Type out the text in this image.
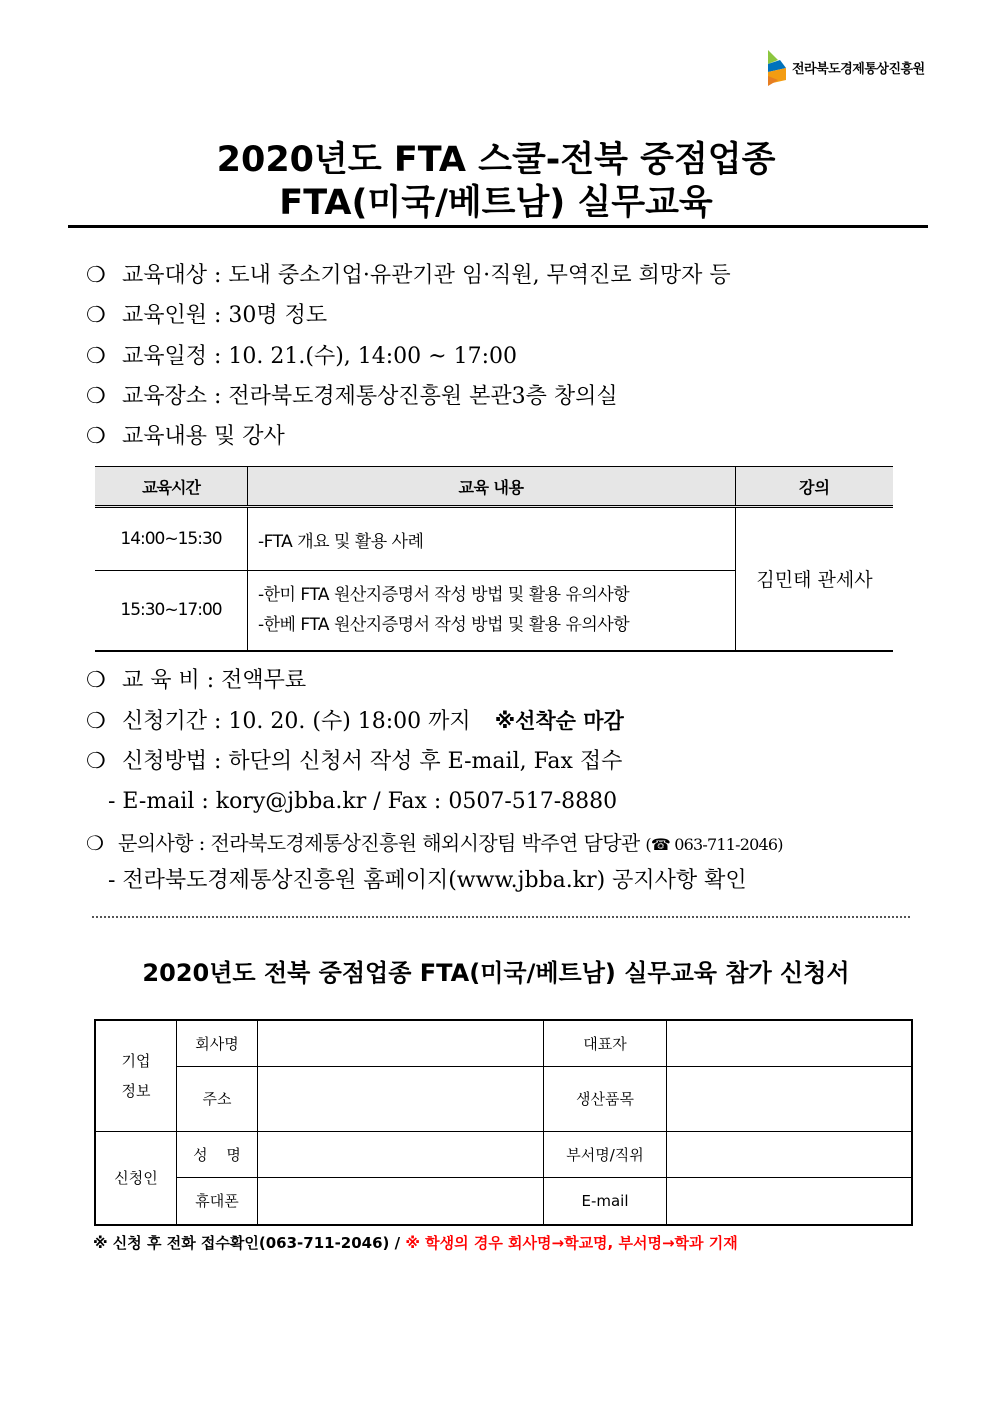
전라북도경제통상진흥원
2020년도 FTA 스쿨-전북 중점업종
FTA(미국/베트남) 실무교육
❍ 교육대상 : 도내 중소기업·유관기관 임·직원, 무역진로 희망자 등
❍ 교육인원 : 30명 정도
❍ 교육일정 : 10. 21.(수), 14:00 ~ 17:00
❍ 교육장소 : 전라북도경제통상진흥원 본관3층 창의실
❍ 교육내용 및 강사
교육시간	교육 내용	강의
14:00~15:30	-FTA 개요 및 활용 사례	김민태 관세사
15:30~17:00	-한미 FTA 원산지증명서 작성 방법 및 활용 유의사항
-한베 FTA 원산지증명서 작성 방법 및 활용 유의사항	
❍ 교 육 비 : 전액무료
❍ 신청기간 : 10. 20. (수) 18:00 까지 ※선착순 마감
❍ 신청방법 : 하단의 신청서 작성 후 E-mail, Fax 접수
- E-mail : kory@jbba.kr / Fax : 0507-517-8880
❍ 문의사항 : 전라북도경제통상진흥원 해외시장팀 박주연 담당관 (☎ 063-711-2046)
- 전라북도경제통상진흥원 홈페이지(www.jbba.kr) 공지사항 확인
2020년도 전북 중점업종 FTA(미국/베트남) 실무교육 참가 신청서
기업
정보	회사명		대표자	
	주소		생산품목	
신청인	성 명		부서명/직위	
	휴대폰		E-mail	
※ 신청 후 전화 접수확인(063-711-2046) / ※ 학생의 경우 회사명→학교명, 부서명→학과 기재
